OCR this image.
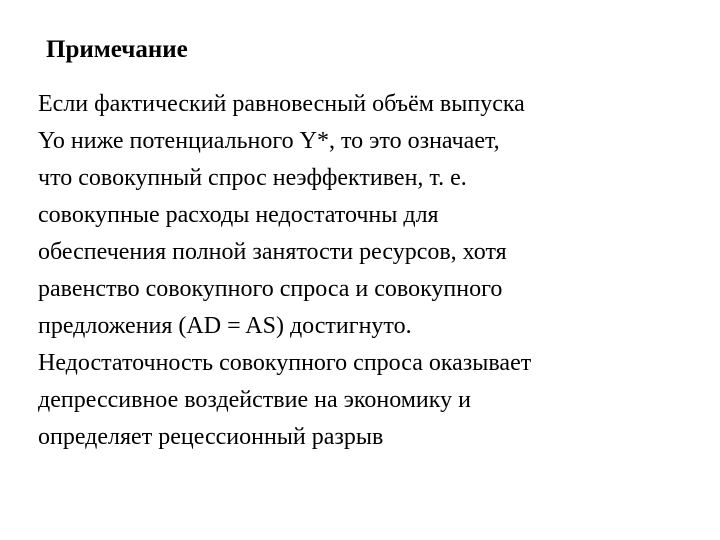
Примечание
Если фактический равновесный объём выпуска
Yo ниже потенциального Y*, то это означает,
что совокупный спрос неэффективен, т. е.
совокупные расходы недостаточны для
обеспечения полной занятости ресурсов, хотя
равенство совокупного спроса и совокупного
предложения (AD = AS) достигнуто.
Недостаточность совокупного спроса оказывает
депрессивное воздействие на экономику и
определяет рецессионный разрыв
